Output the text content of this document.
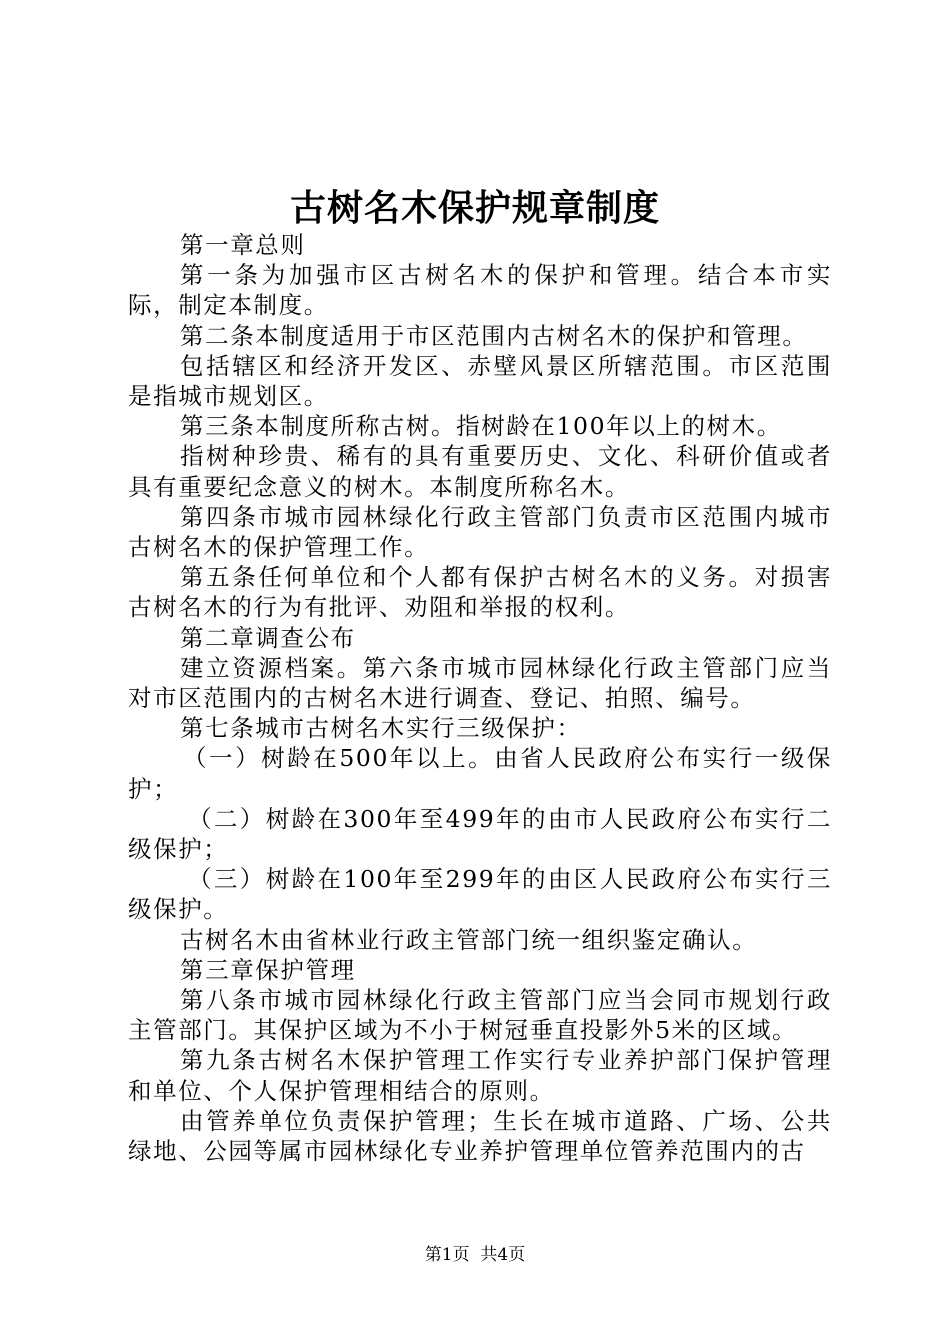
古树名木保护规章制度

第一章总则

第一条为加强市区古树名木的保护和管理。结合本市实际，制定本制度。

第二条本制度适用于市区范围内古树名木的保护和管理。

包括辖区和经济开发区、赤壁风景区所辖范围。市区范围是指城市规划区。

第三条本制度所称古树。指树龄在100年以上的树木。

指树种珍贵、稀有的具有重要历史、文化、科研价值或者具有重要纪念意义的树木。本制度所称名木。

第四条市城市园林绿化行政主管部门负责市区范围内城市古树名木的保护管理工作。

第五条任何单位和个人都有保护古树名木的义务。对损害古树名木的行为有批评、劝阻和举报的权利。

第二章调查公布

建立资源档案。第六条市城市园林绿化行政主管部门应当对市区范围内的古树名木进行调查、登记、拍照、编号。

第七条城市古树名木实行三级保护：

（一）树龄在500年以上。由省人民政府公布实行一级保护；

（二）树龄在300年至499年的由市人民政府公布实行二级保护；

（三）树龄在100年至299年的由区人民政府公布实行三级保护。

古树名木由省林业行政主管部门统一组织鉴定确认。

第三章保护管理

第八条市城市园林绿化行政主管部门应当会同市规划行政主管部门。其保护区域为不小于树冠垂直投影外5米的区域。

第九条古树名木保护管理工作实行专业养护部门保护管理和单位、个人保护管理相结合的原则。

由管养单位负责保护管理；生长在城市道路、广场、公共绿地、公园等属市园林绿化专业养护管理单位管养范围内的古

第1页  共4页
